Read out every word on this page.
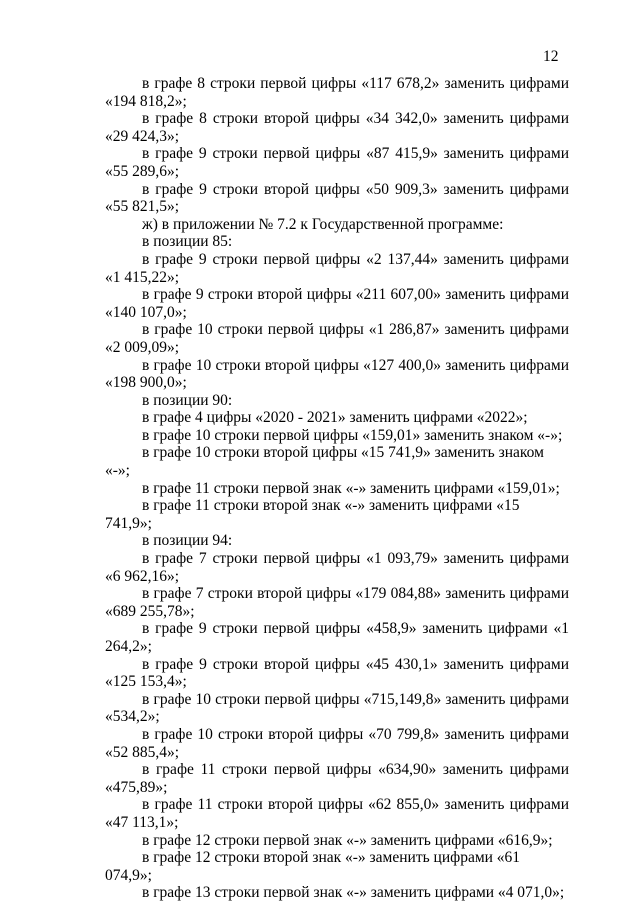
12

в графе 8 строки первой цифры «117 678,2» заменить цифрами «194 818,2»;

в графе 8 строки второй цифры «34 342,0» заменить цифрами «29 424,3»;

в графе 9 строки первой цифры «87 415,9» заменить цифрами «55 289,6»;

в графе 9 строки второй цифры «50 909,3» заменить цифрами «55 821,5»;

ж) в приложении № 7.2 к Государственной программе:

в позиции 85:

в графе 9 строки первой цифры «2 137,44» заменить цифрами «1 415,22»;

в графе 9 строки второй цифры «211 607,00» заменить цифрами «140 107,0»;

в графе 10 строки первой цифры «1 286,87» заменить цифрами «2 009,09»;

в графе 10 строки второй цифры «127 400,0» заменить цифрами «198 900,0»;

в позиции 90:

в графе 4 цифры «2020 - 2021» заменить цифрами «2022»;

в графе 10 строки первой цифры «159,01» заменить знаком «-»;

в графе 10 строки второй цифры «15 741,9» заменить знаком «-»;

в графе 11 строки первой знак «-» заменить цифрами «159,01»;

в графе 11 строки второй знак «-» заменить цифрами «15 741,9»;

в позиции 94:

в графе 7 строки первой цифры «1 093,79» заменить цифрами «6 962,16»;

в графе 7 строки второй цифры «179 084,88» заменить цифрами «689 255,78»;

в графе 9 строки первой цифры «458,9» заменить цифрами «1 264,2»;

в графе 9 строки второй цифры «45 430,1» заменить цифрами «125 153,4»;

в графе 10 строки первой цифры «715,149,8» заменить цифрами «534,2»;

в графе 10 строки второй цифры «70 799,8» заменить цифрами «52 885,4»;

в графе 11 строки первой цифры «634,90» заменить цифрами «475,89»;

в графе 11 строки второй цифры «62 855,0» заменить цифрами «47 113,1»;

в графе 12 строки первой знак «-» заменить цифрами «616,9»;

в графе 12 строки второй знак «-» заменить цифрами «61 074,9»;

в графе 13 строки первой знак «-» заменить цифрами «4 071,0»;
